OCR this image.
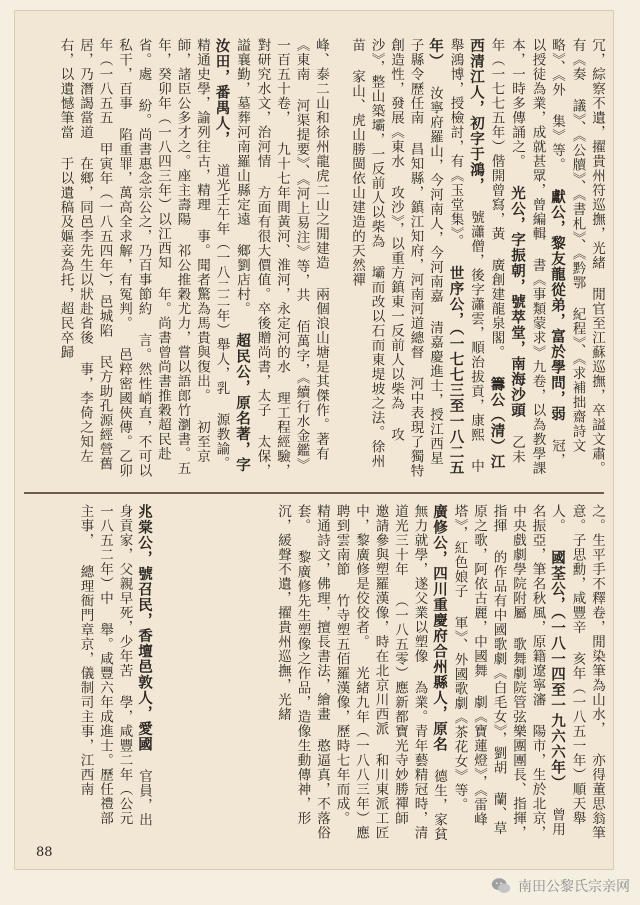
冗，綜察不遺，擢貴州符巡撫，光緒 閒官至江蘇巡撫，卒謚文肅。有《奏 議》、《公牘》、《書札》、《黔鄂 紀程》、《求補拙齋詩文略》、《外 集》等。 獻公，黎友龍從弟，富於學問，弱 冠，以授徒為業，成就甚眾，曾編輯 書《事類蒙求》九卷，以為教學課 本，一時多傳誦之。 光公，字振朝，號萃堂，南海沙頭 乙未年（一七七五年）偕開曾寫，黃 廣創建龍泉閣。 籌公（清）江西清江人，初字于鴻， 號瀟僧，後字瀟雲，順治拔貢，康熙 中舉鴻博，授檢討，有《玉堂集》。 世序公，（一七七三至一八二五年） 汝寧府羅山，今河南人，今河南嘉 清嘉慶進士，授江西星子縣令歷任南 昌知縣，鎮江知府，河南河道總督 河中表現了獨特創造性，發展《東水 攻沙》，以重方鎮東一反前人以柴為 攻沙》，整山築壩，一反前人以柴為 壩而改以石而東堤坡之法。徐州苗 家山、虎山勝閩依山建造的天然禪
峰、泰二山和徐州龍虎二山之閒建造 兩個浪山塘是其傑作。著有《東南 河渠提要》、《河上易注》等，共 佰萬字，《續行水金鑑》一百五十卷， 九十七年間黃河、淮河，永定河的水 理工程經驗，對研究水文，治河情 方面有很大價值。卒後贈尚書，太子 太保，謚襄勤，墓葬河南羅山縣定遠 鄉劉店村。 超民公，原名著，字汝田，番禺人， 道光壬午年（一八二二年）舉人，乳 源教諭。精通史學，諭列往古，精理 事。聞者驚為馬貴與復出。 初至京師，諸臣公多才之。座主壽陽 祁公推穀尤力，嘗以語郎竹瀏書。五 年，癸卯年（一八四三年）以江西知 年。尚書曾尚書推穀超民赴省。處 紛。尚書惠念宗公之，乃百事節約 言。然性峭直，不可以私干，百事 陷重罪，萬高全求解，有冤判。 邑粹密國俠傳。乙卯年（一八五五 甲寅年（一八五四年），邑城陷 民方助孔源經營舊居，乃潛謁當道 在鄉，同邑李先生以狀赴省後 事，李倚之知左右，以遺憾筆當 于以遺稿及嫗妾為托，超民卒歸
之。生平手不釋卷，閒染筆為山水， 亦得董思翁筆意。子思勳，咸豐辛 亥年（一八五一年）順天舉人。 國荃公，（一八一四至一九六六年） 曾用名振亞，筆名秋風，原籍遼寧瀋 陽市，生於北京，中央戲劇學院附屬 歌舞劇院管弦樂團團長、指揮，指揮 的作品有中國歌劇《白毛女》，劉胡 蘭、草原之歌，阿依古麗，中國舞 劇《寶蓮燈》，《雷峰塔》，紅色娘子 軍》、外國歌劇《茶花女》等。 廣修公，四川重慶府合州縣人，原名 德生，家貧無力就學，遂父業以塑像 為業。青年藝精冠時，清道光三十年 （一八五零）應新都寶光寺妙勝禪師 邀請參與塑羅漢像，時在北京川西派 和川東派工匠中，黎廣修是佼佼者。 光緒九年（一八八三年）應聘到雲南節 竹寺塑五佰羅漢像，歷時七年而成。 精通詩文，佛理，擅長書法，繪畫 憨逼真，不落俗套。 黎廣修先生塑像之作品，造像生動傳神，形 沉，緩聲不遺，擢貴州巡撫，光緒
兆棠公，號召民，香壇邑敦人，愛國 官員，出身貢家，父親早死，少年苦 學，咸豐二年（公元一八五二年）中 舉。咸豐六年成進士。歷任禮部主事， 總理衙門章京，儀制司主事，江西南
88
南田公黎氏宗亲网
